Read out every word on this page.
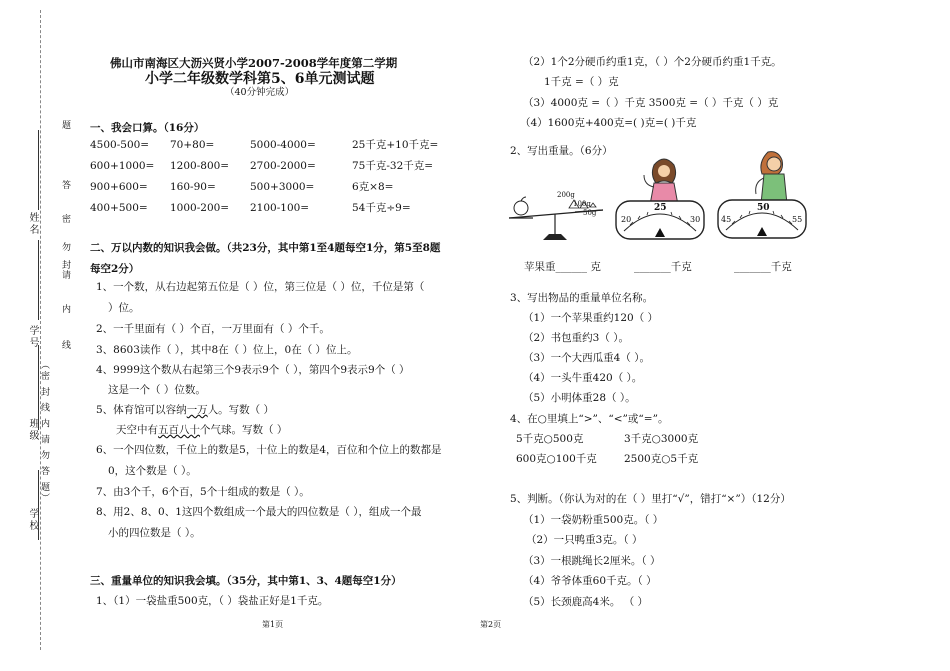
学校
班级
学号
姓名
（密 封 线 内 请 勿 答 题）
题
答
勿
请
内
线
封
密
佛山市南海区大沥兴贤小学2007-2008学年度第二学期
小学二年级数学科第5、6单元测试题
（40分钟完成）
一、我会口算。（16分）
4500-500= 70+80=	5000-4000=	25千克+10千克=
600+1000= 1200-800= 2700-2000=	75千克-32千克=
900+600= 160-90=	500+3000=	6克×8=
400+500= 1000-200= 2100-100=	54千克÷9=
二、万以内数的知识我会做。（共23分，其中第1至4题每空1分，第5至8题
每空2分）
1、一个数，从右边起第五位是（ ）位，第三位是（ ）位，千位是第（
）位。
2、一千里面有（ ）个百，一万里面有（ ）个千。
3、8603读作（ ），其中8在（ ）位上，0在（ ）位上。
4、9999这个数从右起第三个9表示9个（ ），第四个9表示9个（ ）
这是一个（ ）位数。
5、体育馆可以容纳一万人。写数（ ）
天空中有五百八十个气球。写数（ ）
6、一个四位数，千位上的数是5，十位上的数是4，百位和个位上的数都是
0，这个数是（ ）。
7、由3个千，6个百，5个十组成的数是（ ）。
8、用2、8、0、1这四个数组成一个最大的四位数是（ ），组成一个最
小的四位数是（ ）。
三、重量单位的知识我会填。（35分，其中第1、3、4题每空1分）
1、（1）一袋盐重500克，（ ）袋盐正好是1千克。
（2）1个2分硬币约重1克，（ ）个2分硬币约重1千克。
1千克 =（ ）克
（3）4000克 =（ ）千克 3500克 =（ ）千克（ ）克
（4）1600克+400克=( )克=( )千克
2、写出重量。（6分）
200g
100g
50g
20
25
30	45
50
55
苹果重______ 克	_______千克	_______千克
3、写出物品的重量单位名称。
（1）一个苹果重约120（ ）
（2）书包重约3（ ）。
（3）一个大西瓜重4（ ）。
（4）一头牛重420（ ）。
（5）小明体重28（ ）。
4、在○里填上“>”、“<”或“=”。
5千克○500克	3千克○3000克
600克○100千克	2500克○5千克
5、判断。（你认为对的在（ ）里打“√”，错打“×”）（12分）
（1）一袋奶粉重500克。（ ）
（2）一只鸭重3克。（ ）
（3）一根跳绳长2厘米。（ ）
（4）爷爷体重60千克。（ ）
（5）长颈鹿高4米。 （ ）
第1页	第2页
